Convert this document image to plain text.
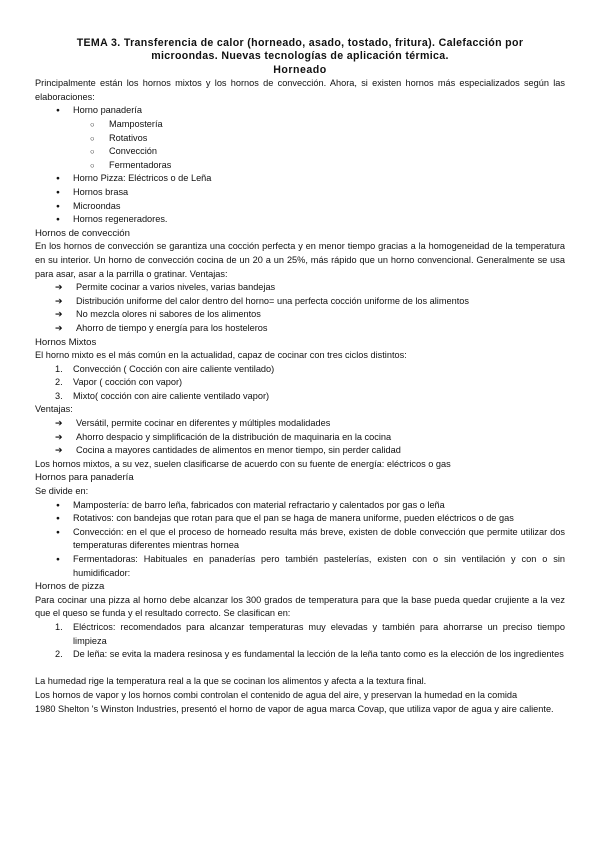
TEMA 3. Transferencia de calor (horneado, asado, tostado, fritura). Calefacción por microondas. Nuevas tecnologías de aplicación térmica.
Horneado

Principalmente están los hornos mixtos y los hornos de convección. Ahora, si existen hornos más especializados según las elaboraciones:

● Horno panadería
○ Mampostería
○ Rotativos
○ Convección
○ Fermentadoras
● Horno Pizza: Eléctricos o de Leña
● Hornos brasa
● Microondas
● Hornos regeneradores.

Hornos de convección

En los hornos de convección se garantiza una cocción perfecta y en menor tiempo gracias a la homogeneidad de la temperatura en su interior. Un horno de convección cocina de un 20 a un 25%, más rápido que un horno convencional. Generalmente se usa para asar, asar a la parrilla o gratinar. Ventajas:

➔ Permite cocinar a varios niveles, varias bandejas
➔ Distribución uniforme del calor dentro del horno= una perfecta cocción uniforme de los alimentos
➔ No mezcla olores ni sabores de los alimentos
➔ Ahorro de tiempo y energía para los hosteleros

Hornos Mixtos

El horno mixto es el más común en la actualidad, capaz de cocinar con tres ciclos distintos:

1. Convección ( Cocción con aire caliente ventilado)
2. Vapor ( cocción con vapor)
3. Mixto( cocción con aire caliente ventilado vapor)

Ventajas:

➔ Versátil, permite cocinar en diferentes y múltiples modalidades
➔ Ahorro despacio y simplificación de la distribución de maquinaria en la cocina
➔ Cocina a mayores cantidades de alimentos en menor tiempo, sin perder calidad

Los hornos mixtos, a su vez, suelen clasificarse de acuerdo con su fuente de energía: eléctricos o gas

Hornos para panadería

Se divide en:

● Mampostería: de barro leña, fabricados con material refractario y calentados por gas o leña
● Rotativos: con bandejas que rotan para que el pan se haga de manera uniforme, pueden eléctricos o de gas
● Convección: en el que el proceso de horneado resulta más breve, existen de doble convección que permite utilizar dos temperaturas diferentes mientras hornea
● Fermentadoras: Habituales en panaderías pero también pastelerías, existen con o sin ventilación y con o sin humidificador:

Hornos de pizza

Para cocinar una pizza al horno debe alcanzar los 300 grados de temperatura para que la base pueda quedar crujiente a la vez que el queso se funda y el resultado correcto. Se clasifican en:

1. Eléctricos: recomendados para alcanzar temperaturas muy elevadas y también para ahorrarse un preciso tiempo limpieza
2. De leña: se evita la madera resinosa y es fundamental la lección de la leña tanto como es la elección de los ingredientes

La humedad rige la temperatura real a la que se cocinan los alimentos y afecta a la textura final.

Los hornos de vapor y los hornos combi controlan el contenido de agua del aire, y preservan la humedad en la comida

1980 Shelton 's Winston Industries, presentó el horno de vapor de agua marca Covap, que utiliza vapor de agua y aire caliente.
